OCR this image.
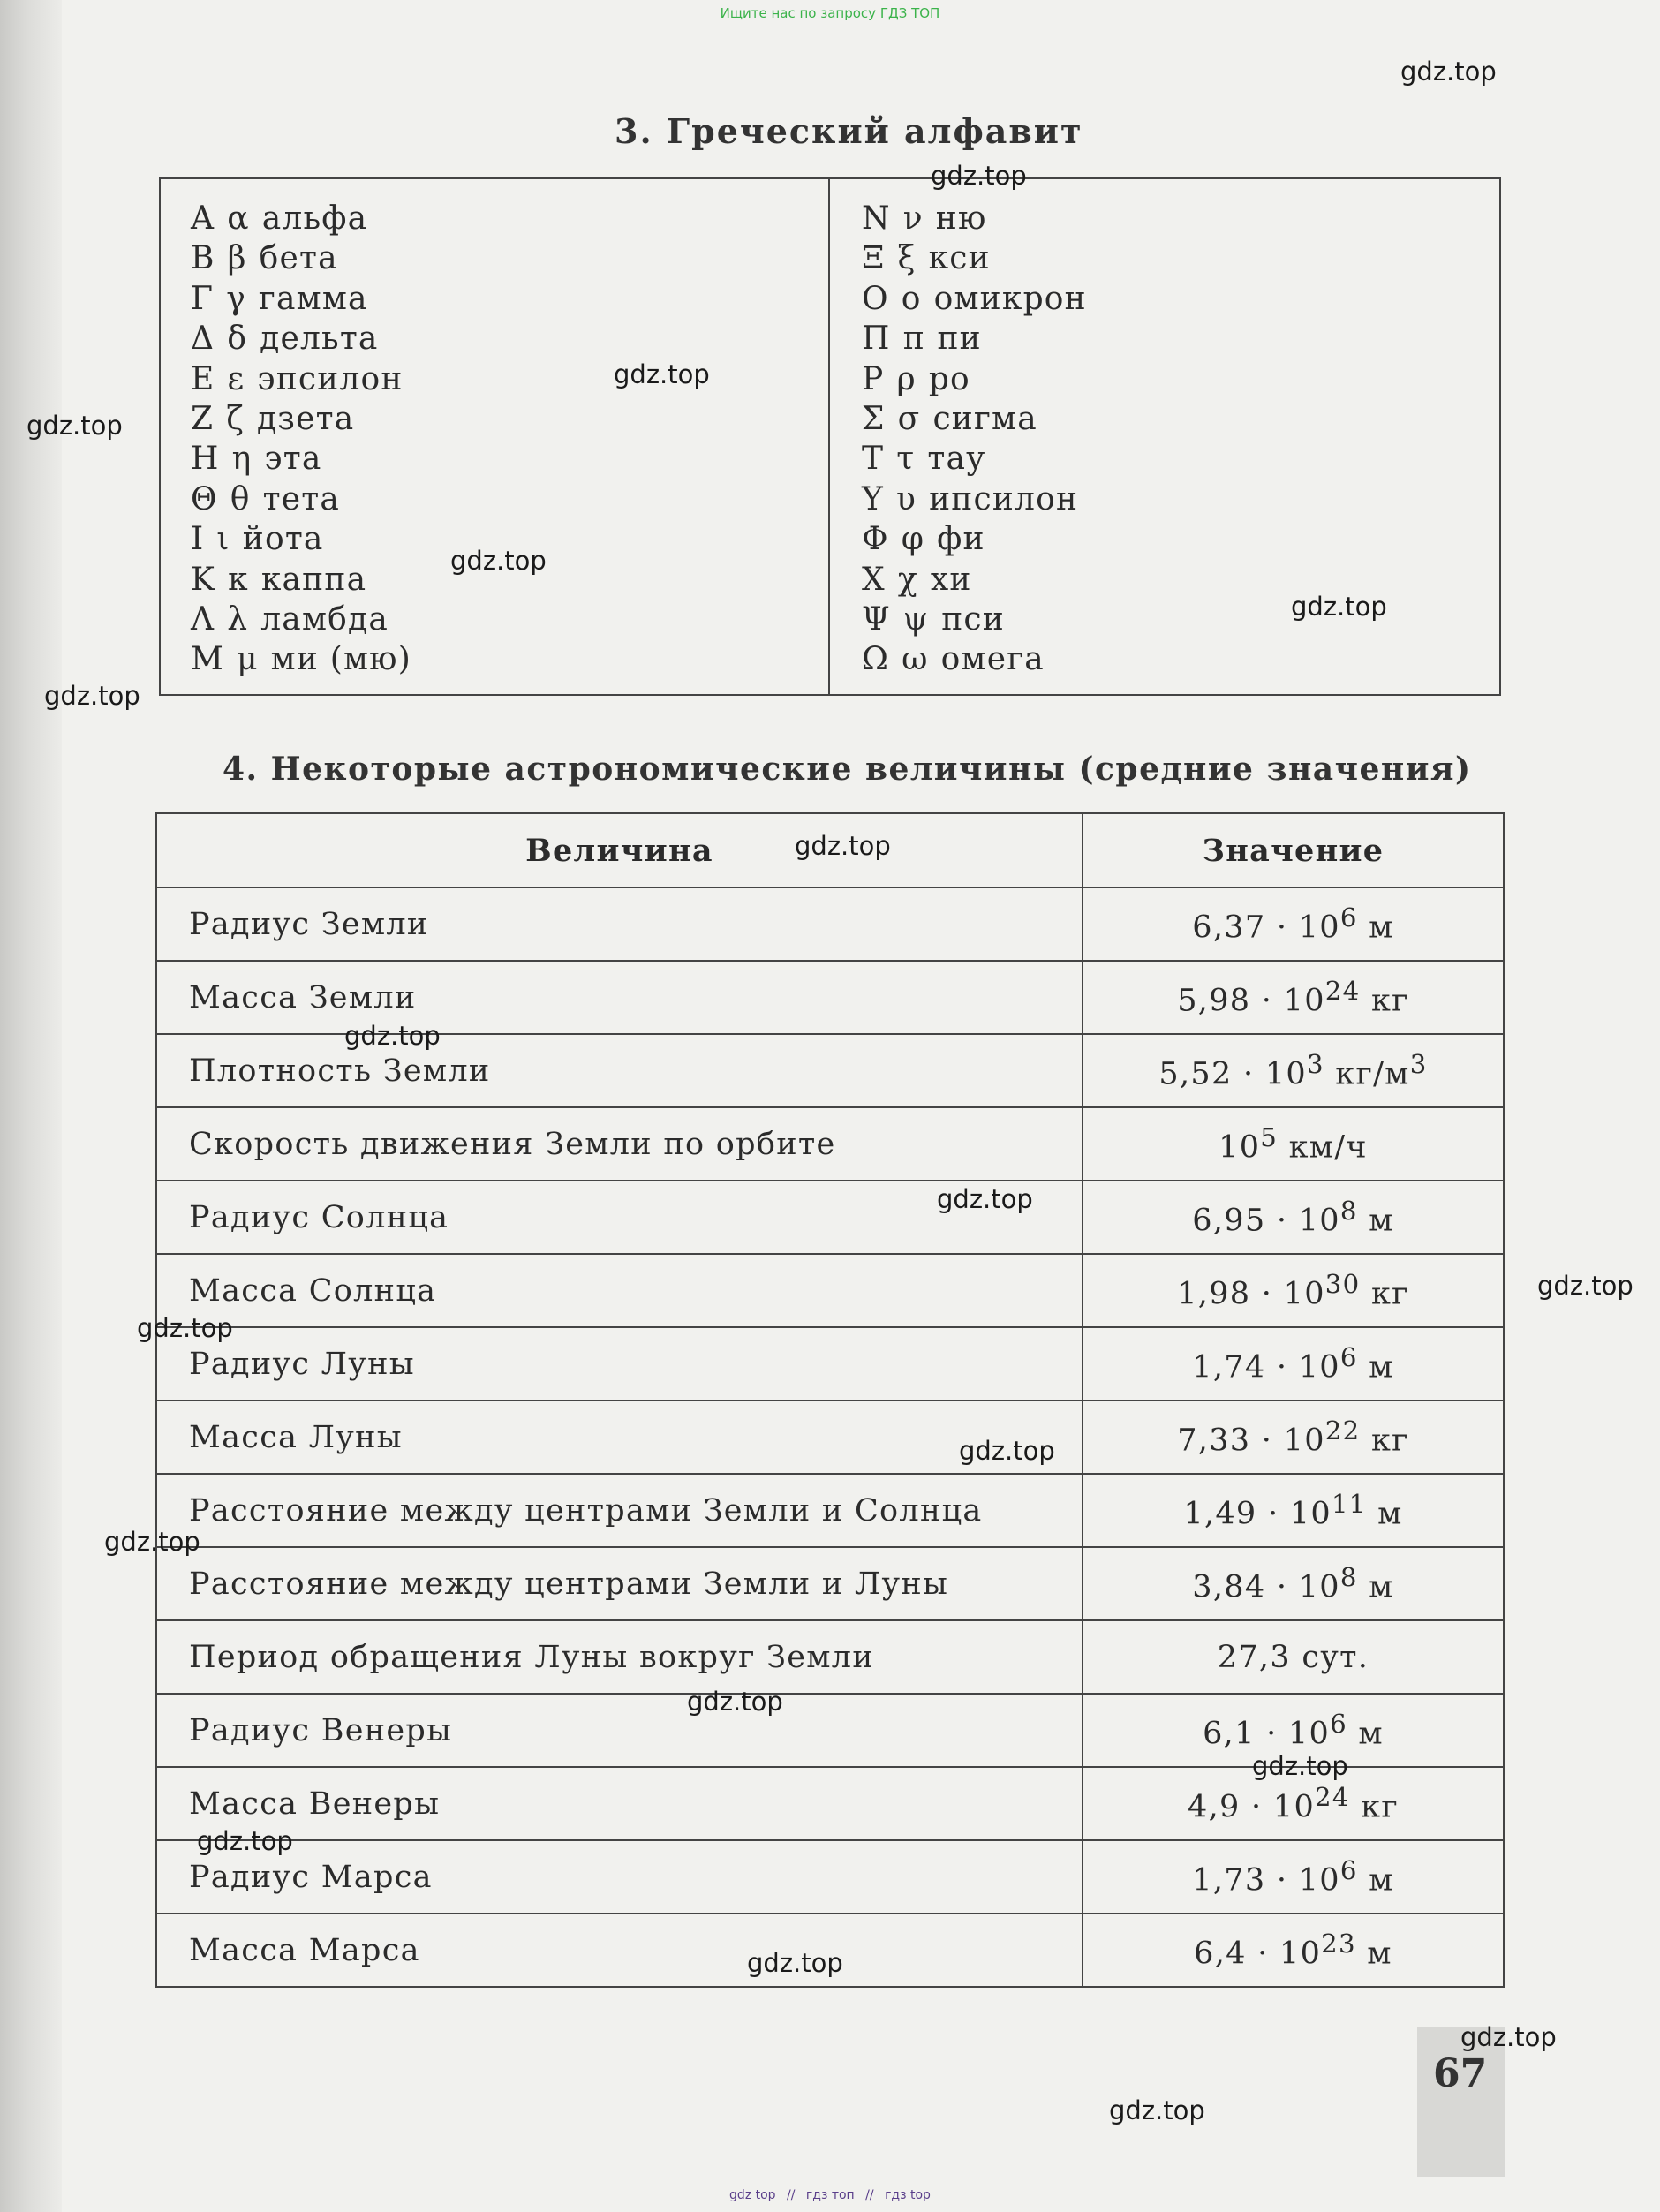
Ищите нас по запросу ГДЗ ТОП
3. Греческий алфавит
Α α альфа
Β β бета
Γ γ гамма
Δ δ дельта
Ε ε эпсилон
Ζ ζ дзета
Η η эта
Θ θ тета
Ι ι йота
Κ κ каппа
Λ λ ламбда
Μ μ ми (мю)
Ν ν ню
Ξ ξ кси
Ο ο омикрон
Π π пи
Ρ ρ ро
Σ σ сигма
Τ τ тау
Υ υ ипсилон
Φ φ фи
Χ χ хи
Ψ ψ пси
Ω ω омега
4. Некоторые астрономические величины (средние значения)
Величина	Значение
Радиус Земли	$6,37 \cdot 10^6$ м
Масса Земли	$5,98 \cdot 10^{24}$ кг
Плотность Земли	$5,52 \cdot 10^3$ $кг/м^3$
Скорость движения Земли по орбите	$10^5$ км/ч
Радиус Солнца	$6,95 \cdot 10^8$ м
Масса Солнца	$1,98 \cdot 10^{30}$ кг
Радиус Луны	$1,74 \cdot 10^6$ м
Масса Луны	$7,33 \cdot 10^{22}$ кг
Расстояние между центрами Земли и Солнца	$1,49 \cdot 10^{11}$ м
Расстояние между центрами Земли и Луны	$3,84 \cdot 10^8$ м
Период обращения Луны вокруг Земли	27,3 сут.
Радиус Венеры	$6,1 \cdot 10^6$ м
Масса Венеры	$4,9 \cdot 10^{24}$ кг
Радиус Марса	$1,73 \cdot 10^6$ м
Масса Марса	$6,4 \cdot 10^{23}$ м
67
gdz.top
gdz.top
gdz.top
gdz.top
gdz.top
gdz.top
gdz.top
gdz.top
gdz.top
gdz.top
gdz.top
gdz.top
gdz.top
gdz.top
gdz.top
gdz.top
gdz.top
gdz.top
gdz.top
gdz.top
gdz top // гдз топ // гдз top
